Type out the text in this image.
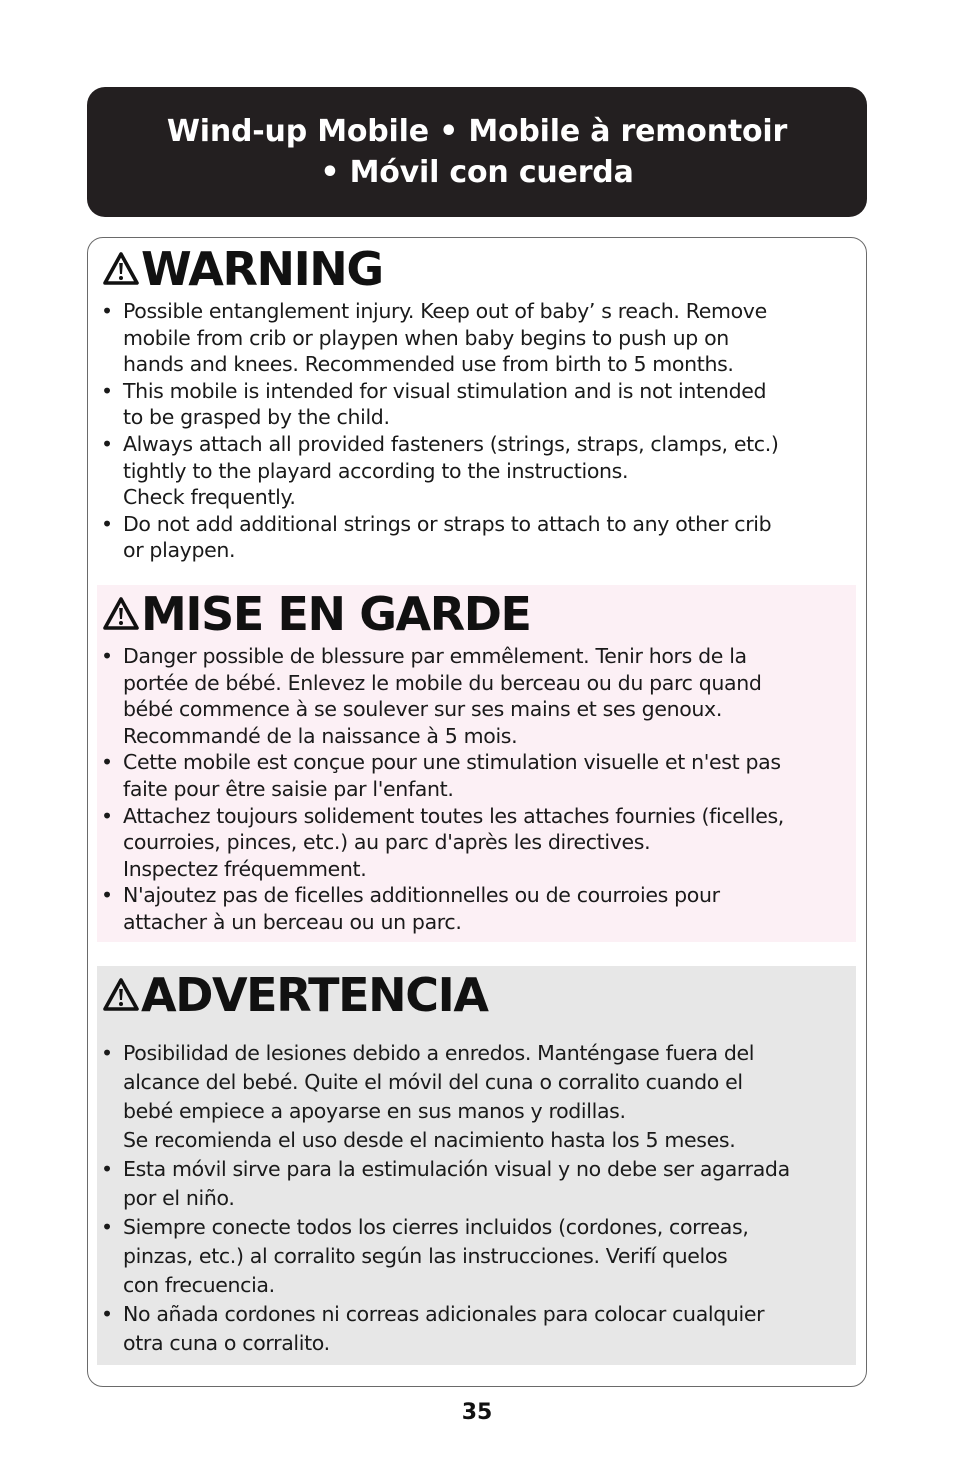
Wind-up Mobile • Mobile à remontoir
• Móvil con cuerda
WARNING
• Possible entanglement injury. Keep out of baby’ s reach. Remove
mobile from crib or playpen when baby begins to push up on
hands and knees. Recommended use from birth to 5 months.
• This mobile is intended for visual stimulation and is not intended
to be grasped by the child.
• Always attach all provided fasteners (strings, straps, clamps, etc.)
tightly to the playard according to the instructions.
Check frequently.
• Do not add additional strings or straps to attach to any other crib
or playpen.
MISE EN GARDE
• Danger possible de blessure par emmêlement. Tenir hors de la
portée de bébé. Enlevez le mobile du berceau ou du parc quand
bébé commence à se soulever sur ses mains et ses genoux.
Recommandé de la naissance à 5 mois.
• Cette mobile est conçue pour une stimulation visuelle et n'est pas
faite pour être saisie par l'enfant.
• Attachez toujours solidement toutes les attaches fournies (ficelles,
courroies, pinces, etc.) au parc d'après les directives.
Inspectez fréquemment.
• N'ajoutez pas de ficelles additionnelles ou de courroies pour
attacher à un berceau ou un parc.
ADVERTENCIA
• Posibilidad de lesiones debido a enredos. Manténgase fuera del
alcance del bebé. Quite el móvil del cuna o corralito cuando el
bebé empiece a apoyarse en sus manos y rodillas.
Se recomienda el uso desde el nacimiento hasta los 5 meses.
• Esta móvil sirve para la estimulación visual y no debe ser agarrada
por el niño.
• Siempre conecte todos los cierres incluidos (cordones, correas,
pinzas, etc.) al corralito según las instrucciones. Verifí quelos
con frecuencia.
• No añada cordones ni correas adicionales para colocar cualquier
otra cuna o corralito.
35
